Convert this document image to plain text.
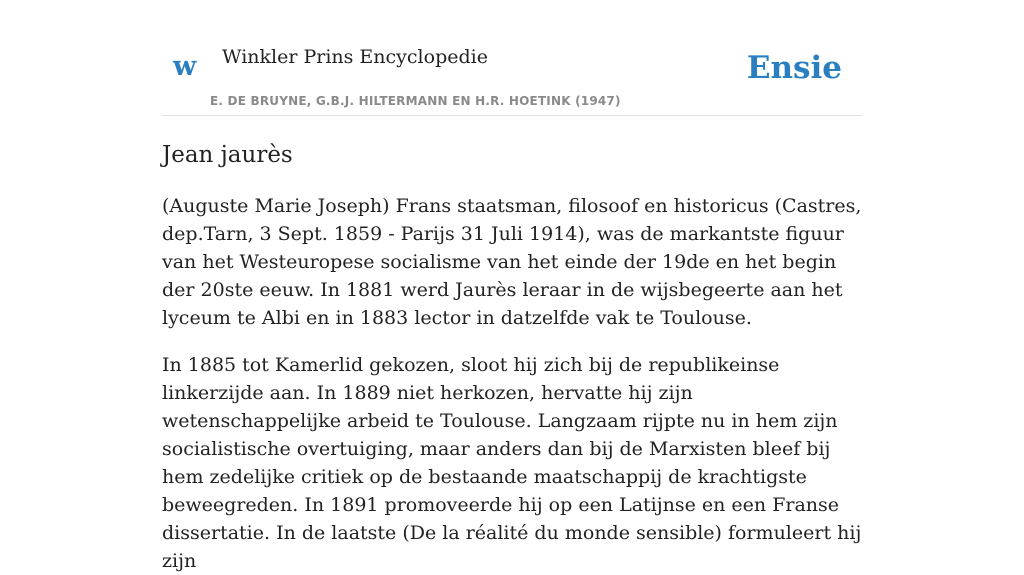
w Winkler Prins Encyclopedie
E. DE BRUYNE, G.B.J. HILTERMANN EN H.R. HOETINK (1947)
Ensie
Jean jaurès

(Auguste Marie Joseph) Frans staatsman, filosoof en historicus (Castres, dep.Tarn, 3 Sept. 1859 - Parijs 31 Juli 1914), was de markantste figuur van het Westeuropese socialisme van het einde der 19de en het begin der 20ste eeuw. In 1881 werd Jaurès leraar in de wijsbegeerte aan het lyceum te Albi en in 1883 lector in datzelfde vak te Toulouse.

In 1885 tot Kamerlid gekozen, sloot hij zich bij de republikeinse linkerzijde aan. In 1889 niet herkozen, hervatte hij zijn wetenschappelijke arbeid te Toulouse. Langzaam rijpte nu in hem zijn socialistische overtuiging, maar anders dan bij de Marxisten bleef bij hem zedelijke critiek op de bestaande maatschappij de krachtigste beweegreden. In 1891 promoveerde hij op een Latijnse en een Franse dissertatie. In de laatste (De la réalité du monde sensible) formuleert hij zijn
